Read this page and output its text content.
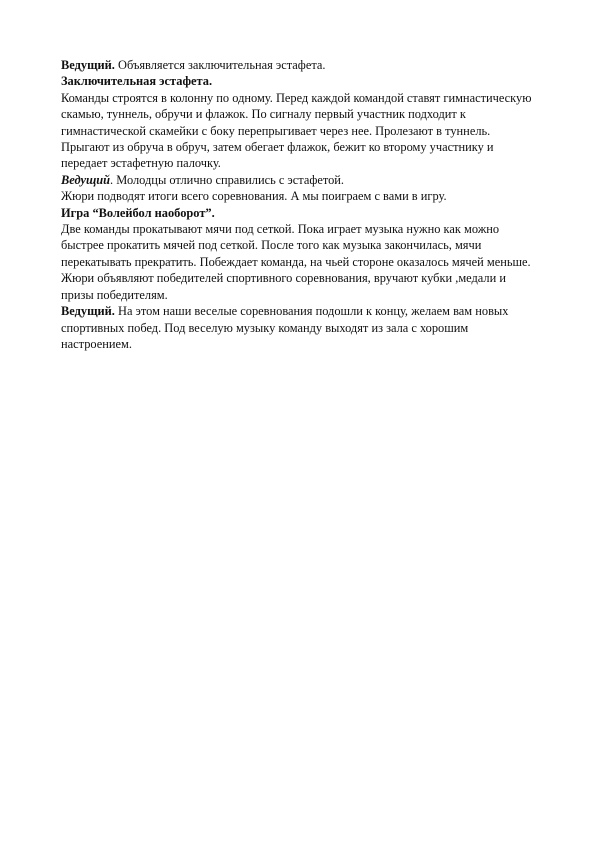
Ведущий. Объявляется заключительная эстафета.

Заключительная эстафета.

Команды строятся в колонну по одному. Перед каждой командой ставят гимнастическую скамью, туннель, обручи и флажок. По сигналу первый участник подходит к гимнастической скамейки с боку перепрыгивает через нее. Пролезают в туннель. Прыгают из обруча в обруч, затем обегает флажок, бежит ко второму участнику и передает эстафетную палочку.

Ведущий. Молодцы отлично справились с эстафетой.

Жюри подводят итоги всего соревнования. А мы поиграем с вами в игру.

Игра “Волейбол наоборот”.

Две команды прокатывают мячи под сеткой. Пока играет музыка нужно как можно быстрее прокатить мячей под сеткой. После того как музыка закончилась, мячи перекатывать прекратить. Побеждает команда, на чьей стороне оказалось мячей меньше.

Жюри объявляют победителей спортивного соревнования, вручают кубки ,медали и призы победителям.

Ведущий. На этом наши веселые соревнования подошли к концу, желаем вам новых спортивных побед. Под веселую музыку команду выходят из зала с хорошим настроением.
